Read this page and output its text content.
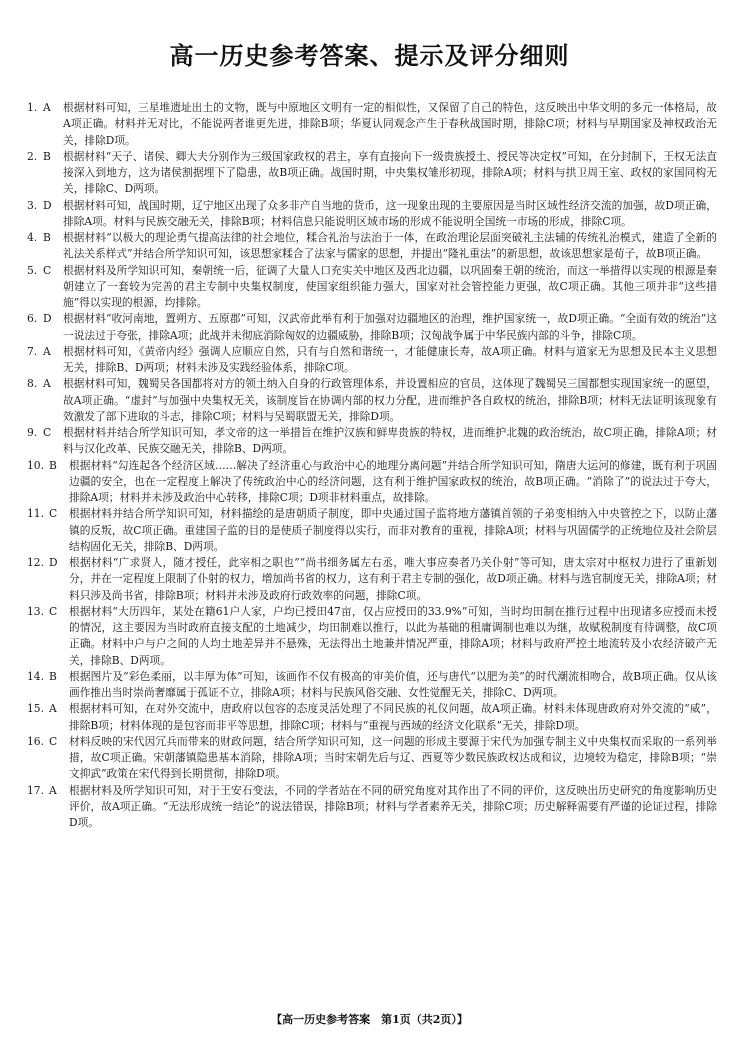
高一历史参考答案、提示及评分细则
1. A	根据材料可知，三星堆遗址出土的文物，既与中原地区文明有一定的相似性，又保留了自己的特色，这反映出中华文明的多元一体格局，故A项正确。材料并无对比，不能说两者谁更先进，排除B项；华夏认同观念产生于春秋战国时期，排除C项；材料与早期国家及神权政治无关，排除D项。
2. B	根据材料“天子、诸侯、卿大夫分别作为三级国家政权的君主，享有直接向下一级贵族授土、授民等决定权”可知，在分封制下，王权无法直接深入到地方，这为诸侯割据埋下了隐患，故B项正确。战国时期，中央集权雏形初现，排除A项；材料与拱卫周王室、政权的家国同构无关，排除C、D两项。
3. D	根据材料可知，战国时期，辽宁地区出现了众多非产自当地的货币，这一现象出现的主要原因是当时区域性经济交流的加强，故D项正确，排除A项。材料与民族交融无关，排除B项；材料信息只能说明区域市场的形成不能说明全国统一市场的形成，排除C项。
4. B	根据材料“以极大的理论勇气提高法律的社会地位，糅合礼治与法治于一体，在政治理论层面突破礼主法辅的传统礼治模式，建造了全新的礼法关系样式”并结合所学知识可知，该思想家糅合了法家与儒家的思想，并提出“隆礼重法”的新思想，故该思想家是荀子，故B项正确。
5. C	根据材料及所学知识可知，秦朝统一后，征调了大量人口充实关中地区及西北边疆，以巩固秦王朝的统治，而这一举措得以实现的根源是秦朝建立了一套较为完善的君主专制中央集权制度，使国家组织能力强大，国家对社会管控能力更强，故C项正确。其他三项并非“这些措施”得以实现的根源，均排除。
6. D	根据材料“收河南地，置朔方、五原郡”可知，汉武帝此举有利于加强对边疆地区的治理，维护国家统一，故D项正确。“全面有效的统治”这一说法过于夸张，排除A项；此战并未彻底消除匈奴的边疆威胁，排除B项；汉匈战争属于中华民族内部的斗争，排除C项。
7. A	根据材料可知，《黄帝内经》强调人应顺应自然，只有与自然和谐统一，才能健康长寿，故A项正确。材料与道家无为思想及民本主义思想无关，排除B、D两项；材料未涉及实践经验体系，排除C项。
8. A	根据材料可知，魏蜀吴各国都将对方的领土纳入自身的行政管理体系，并设置相应的官员，这体现了魏蜀吴三国都想实现国家统一的愿望，故A项正确。“虚封”与加强中央集权无关，该制度旨在协调内部的权力分配，进而维护各自政权的统治，排除B项；材料无法证明该现象有效激发了部下进取的斗志，排除C项；材料与吴蜀联盟无关，排除D项。
9. C	根据材料并结合所学知识可知，孝文帝的这一举措旨在维护汉族和鲜卑贵族的特权，进而维护北魏的政治统治，故C项正确，排除A项；材料与汉化改革、民族交融无关，排除B、D两项。
10. B	根据材料“勾连起各个经济区域……解决了经济重心与政治中心的地理分离问题”并结合所学知识可知，隋唐大运河的修建，既有利于巩固边疆的安全，也在一定程度上解决了传统政治中心的经济问题，这有利于维护国家政权的统治，故B项正确。“消除了”的说法过于夸大，排除A项；材料并未涉及政治中心转移，排除C项；D项非材料重点，故排除。
11. C	根据材料并结合所学知识可知，材料描绘的是唐朝质子制度，即中央通过国子监将地方藩镇首领的子弟变相纳入中央管控之下，以防止藩镇的反叛，故C项正确。重建国子监的目的是使质子制度得以实行，而非对教育的重视，排除A项；材料与巩固儒学的正统地位及社会阶层结构固化无关，排除B、D两项。
12. D	根据材料“广求贤人，随才授任，此宰相之职也”“尚书细务属左右丞，唯大事应奏者乃关仆射”等可知，唐太宗对中枢权力进行了重新划分，并在一定程度上限制了仆射的权力，增加尚书省的权力，这有利于君主专制的强化，故D项正确。材料与选官制度无关，排除A项；材料只涉及尚书省，排除B项；材料并未涉及政府行政效率的问题，排除C项。
13. C	根据材料“大历四年，某处在籍61户人家，户均已授田47亩，仅占应授田的33.9%”可知，当时均田制在推行过程中出现诸多应授而未授的情况，这主要因为当时政府直接支配的土地减少，均田制难以推行，以此为基础的租庸调制也难以为继，故赋税制度有待调整，故C项正确。材料中户与户之间的人均土地差异并不悬殊，无法得出土地兼并情况严重，排除A项；材料与政府严控土地流转及小农经济破产无关，排除B、D两项。
14. B	根据图片及“彩色柔丽，以丰厚为体”可知，该画作不仅有极高的审美价值，还与唐代“以肥为美”的时代潮流相吻合，故B项正确。仅从该画作推出当时崇尚奢靡属于孤证不立，排除A项；材料与民族风俗交融、女性觉醒无关，排除C、D两项。
15. A	根据材料可知，在对外交流中，唐政府以包容的态度灵活处理了不同民族的礼仪问题，故A项正确。材料未体现唐政府对外交流的“威”，排除B项；材料体现的是包容而非平等思想，排除C项；材料与“重视与西域的经济文化联系”无关，排除D项。
16. C	材料反映的宋代因冗兵而带来的财政问题，结合所学知识可知，这一问题的形成主要源于宋代为加强专制主义中央集权而采取的一系列举措，故C项正确。宋朝藩镇隐患基本消除，排除A项；当时宋朝先后与辽、西夏等少数民族政权达成和议，边境较为稳定，排除B项；“崇文抑武”政策在宋代得到长期贯彻，排除D项。
17. A	根据材料及所学知识可知，对于王安石变法，不同的学者站在不同的研究角度对其作出了不同的评价，这反映出历史研究的角度影响历史评价，故A项正确。“无法形成统一结论”的说法错误，排除B项；材料与学者素养无关，排除C项；历史解释需要有严谨的论证过程，排除D项。
【高一历史参考答案　第1页（共2页）】
